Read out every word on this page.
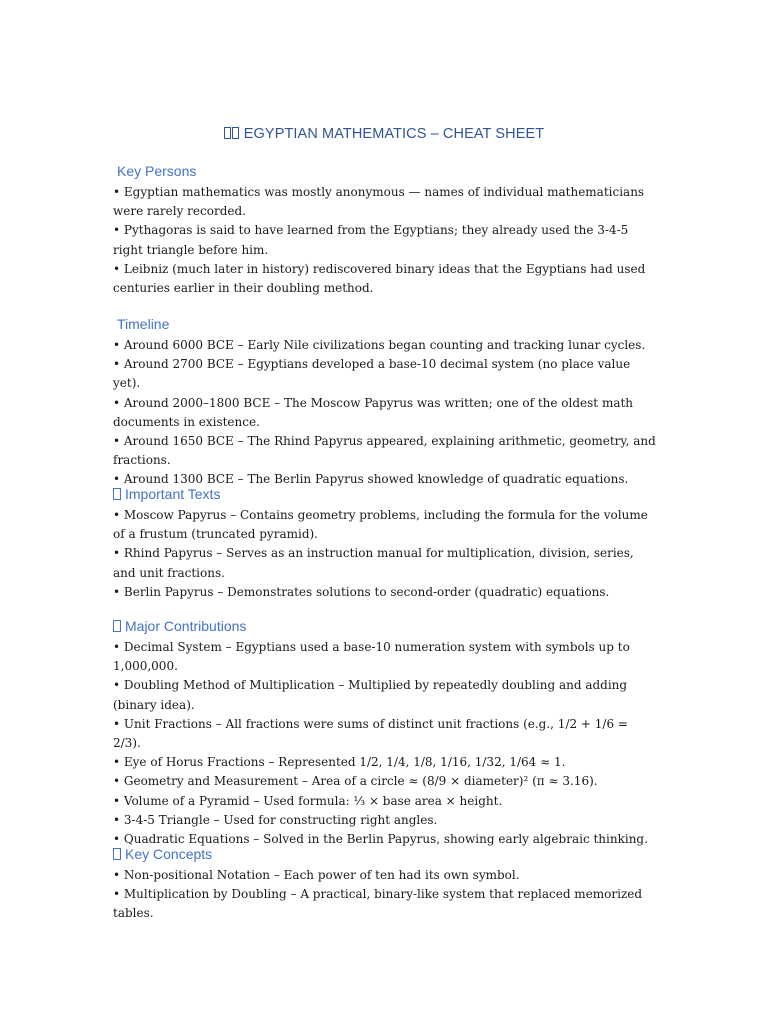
EGYPTIAN MATHEMATICS – CHEAT SHEET
Key Persons

• Egyptian mathematics was mostly anonymous — names of individual mathematicians were rarely recorded.

• Pythagoras is said to have learned from the Egyptians; they already used the 3-4-5 right triangle before him.

• Leibniz (much later in history) rediscovered binary ideas that the Egyptians had used centuries earlier in their doubling method.

Timeline

• Around 6000 BCE – Early Nile civilizations began counting and tracking lunar cycles.

• Around 2700 BCE – Egyptians developed a base-10 decimal system (no place value yet).

• Around 2000–1800 BCE – The Moscow Papyrus was written; one of the oldest math documents in existence.

• Around 1650 BCE – The Rhind Papyrus appeared, explaining arithmetic, geometry, and fractions.

• Around 1300 BCE – The Berlin Papyrus showed knowledge of quadratic equations.

Important Texts

• Moscow Papyrus – Contains geometry problems, including the formula for the volume of a frustum (truncated pyramid).

• Rhind Papyrus – Serves as an instruction manual for multiplication, division, series, and unit fractions.

• Berlin Papyrus – Demonstrates solutions to second-order (quadratic) equations.

Major Contributions

• Decimal System – Egyptians used a base-10 numeration system with symbols up to 1,000,000.

• Doubling Method of Multiplication – Multiplied by repeatedly doubling and adding (binary idea).

• Unit Fractions – All fractions were sums of distinct unit fractions (e.g., 1/2 + 1/6 = 2/3).

• Eye of Horus Fractions – Represented 1/2, 1/4, 1/8, 1/16, 1/32, 1/64 ≈ 1.

• Geometry and Measurement – Area of a circle ≈ (8/9 × diameter)² (π ≈ 3.16).

• Volume of a Pyramid – Used formula: ⅓ × base area × height.

• 3-4-5 Triangle – Used for constructing right angles.

• Quadratic Equations – Solved in the Berlin Papyrus, showing early algebraic thinking.

Key Concepts

• Non-positional Notation – Each power of ten had its own symbol.

• Multiplication by Doubling – A practical, binary-like system that replaced memorized tables.
